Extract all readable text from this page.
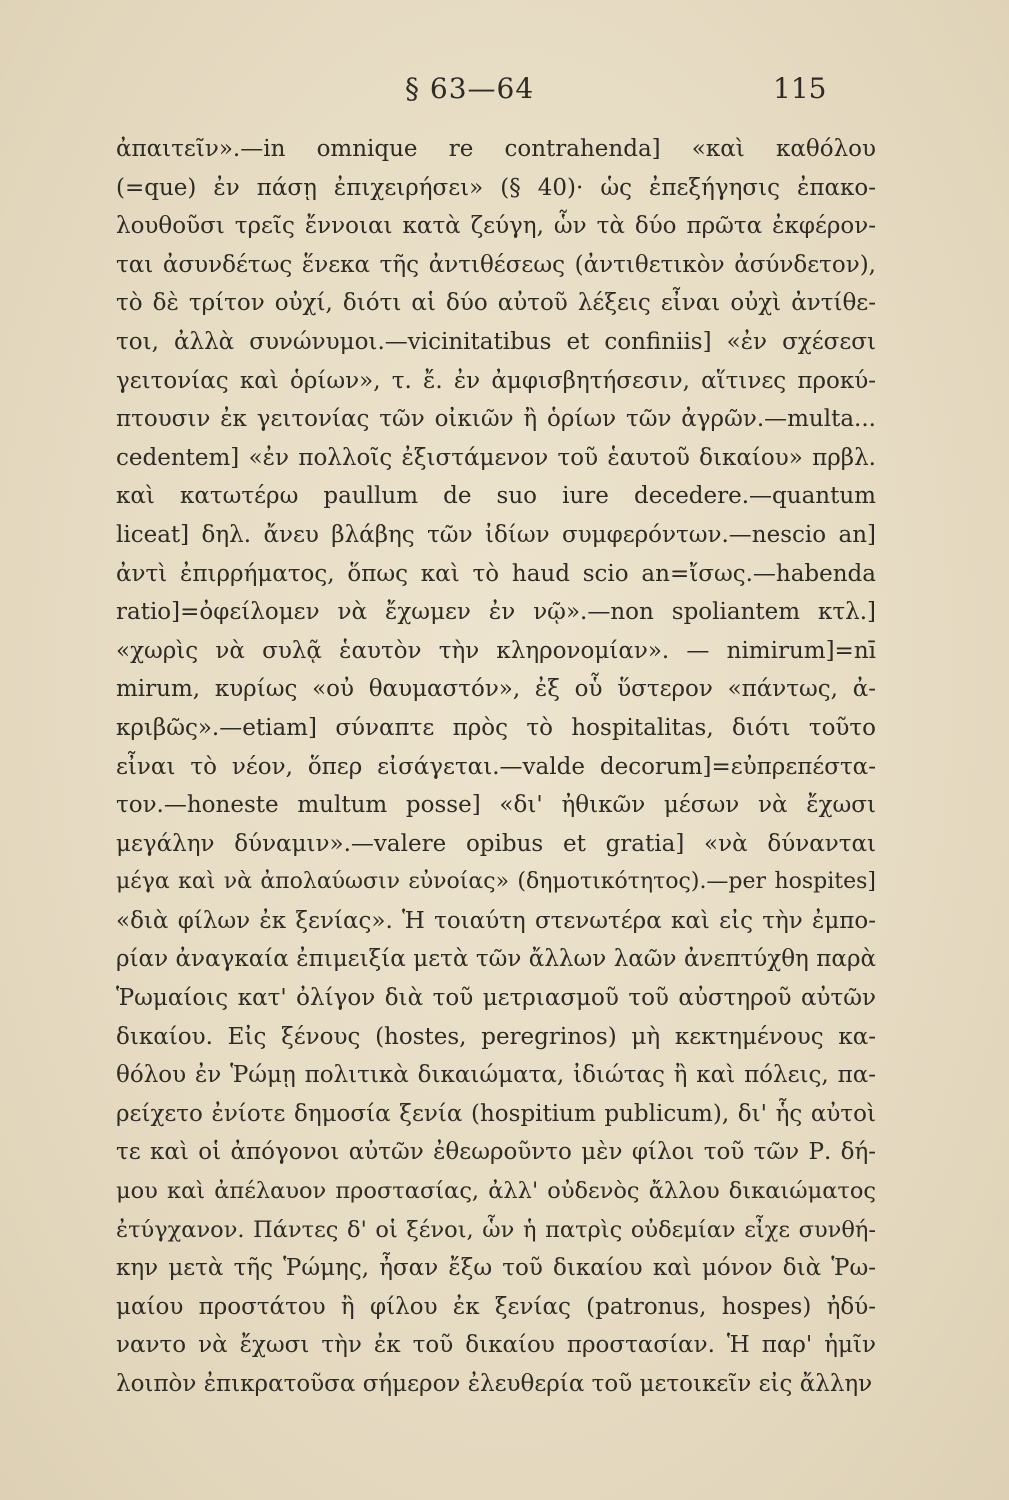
§ 63—64	115
ἀπαιτεῖν».—in omnique re contrahenda] «καὶ καθόλου
(=que) ἐν πάσῃ ἐπιχειρήσει» (§ 40)· ὡς ἐπεξήγησις ἐπακο-
λουθοῦσι τρεῖς ἔννοιαι κατὰ ζεύγη, ὧν τὰ δύο πρῶτα ἐκφέρον-
ται ἀσυνδέτως ἕνεκα τῆς ἀντιθέσεως (ἀντιθετικὸν ἀσύνδετον),
τὸ δὲ τρίτον οὐχί, διότι αἱ δύο αὐτοῦ λέξεις εἶναι οὐχὶ ἀντίθε-
τοι, ἀλλὰ συνώνυμοι.—vicinitatibus et confiniis] «ἐν σχέσεσι
γειτονίας καὶ ὁρίων», τ. ἔ. ἐν ἀμφισβητήσεσιν, αἵτινες προκύ-
πτουσιν ἐκ γειτονίας τῶν οἰκιῶν ἢ ὁρίων τῶν ἀγρῶν.—multa...
cedentem] «ἐν πολλοῖς ἐξιστάμενον τοῦ ἑαυτοῦ δικαίου» πρβλ.
καὶ κατωτέρω paullum de suo iure decedere.—quantum
liceat] δηλ. ἄνευ βλάβης τῶν ἰδίων συμφερόντων.—nescio an]
ἀντὶ ἐπιρρήματος, ὅπως καὶ τὸ haud scio an=ἴσως.—habenda
ratio]=ὀφείλομεν νὰ ἔχωμεν ἐν νῷ».—non spoliantem κτλ.]
«χωρὶς νὰ συλᾷ ἑαυτὸν τὴν κληρονομίαν». — nimirum]=nī
mirum, κυρίως «οὐ θαυμαστόν», ἐξ οὗ ὕστερον «πάντως, ἀ-
κριβῶς».—etiam] σύναπτε πρὸς τὸ hospitalitas, διότι τοῦτο
εἶναι τὸ νέον, ὅπερ εἰσάγεται.—valde decorum]=εὐπρεπέστα-
τον.—honeste multum posse] «δι' ἠθικῶν μέσων νὰ ἔχωσι
μεγάλην δύναμιν».—valere opibus et gratia] «νὰ δύνανται
μέγα καὶ νὰ ἀπολαύωσιν εὐνοίας» (δημοτικότητος).—per hospites]
«διὰ φίλων ἐκ ξενίας». Ἡ τοιαύτη στενωτέρα καὶ εἰς τὴν ἐμπο-
ρίαν ἀναγκαία ἐπιμειξία μετὰ τῶν ἄλλων λαῶν ἀνεπτύχθη παρὰ
Ῥωμαίοις κατ' ὀλίγον διὰ τοῦ μετριασμοῦ τοῦ αὐστηροῦ αὐτῶν
δικαίου. Εἰς ξένους (hostes, peregrinos) μὴ κεκτημένους κα-
θόλου ἐν Ῥώμῃ πολιτικὰ δικαιώματα, ἰδιώτας ἢ καὶ πόλεις, πα-
ρείχετο ἐνίοτε δημοσία ξενία (hospitium publicum), δι' ἧς αὐτοὶ
τε καὶ οἱ ἀπόγονοι αὐτῶν ἐθεωροῦντο μὲν φίλοι τοῦ τῶν Ρ. δή-
μου καὶ ἀπέλαυον προστασίας, ἀλλ' οὐδενὸς ἄλλου δικαιώματος
ἐτύγχανον. Πάντες δ' οἱ ξένοι, ὧν ἡ πατρὶς οὐδεμίαν εἶχε συνθή-
κην μετὰ τῆς Ῥώμης, ἦσαν ἔξω τοῦ δικαίου καὶ μόνον διὰ Ῥω-
μαίου προστάτου ἢ φίλου ἐκ ξενίας (patronus, hospes) ἠδύ-
ναντο νὰ ἔχωσι τὴν ἐκ τοῦ δικαίου προστασίαν. Ἡ παρ' ἡμῖν
λοιπὸν ἐπικρατοῦσα σήμερον ἐλευθερία τοῦ μετοικεῖν εἰς ἄλλην
